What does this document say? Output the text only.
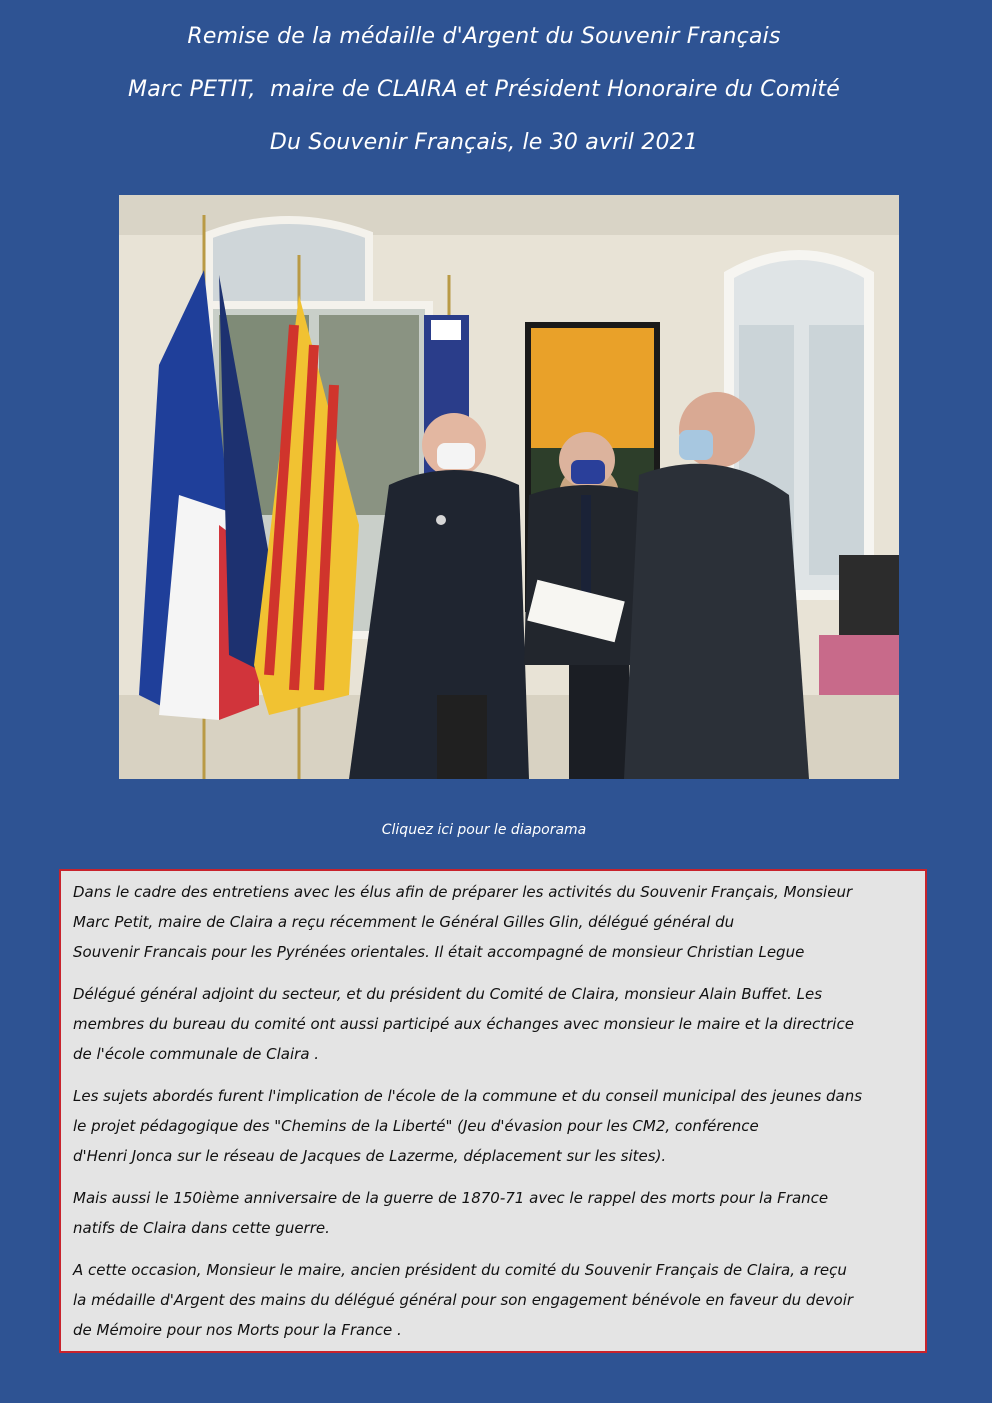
Remise de la médaille d'Argent du Souvenir Français
Marc PETIT,  maire de CLAIRA et Président Honoraire du Comité
Du Souvenir Français, le 30 avril 2021
Cliquez ici pour le diaporama

Dans le cadre des entretiens avec les élus afin de préparer les activités du Souvenir Français, Monsieur
Marc Petit, maire de Claira a reçu récemment le Général Gilles Glin, délégué général du
Souvenir Francais pour les Pyrénées orientales. Il était accompagné de monsieur Christian Legue

Délégué général adjoint du secteur, et du président du Comité de Claira, monsieur Alain Buffet. Les
membres du bureau du comité ont aussi participé aux échanges avec monsieur le maire et la directrice
de l'école communale de Claira .

Les sujets abordés furent l'implication de l'école de la commune et du conseil municipal des jeunes dans
le projet pédagogique des "Chemins de la Liberté" (Jeu d'évasion pour les CM2, conférence
d'Henri Jonca sur le réseau de Jacques de Lazerme, déplacement sur les sites).

Mais aussi le 150ième anniversaire de la guerre de 1870-71 avec le rappel des morts pour la France
natifs de Claira dans cette guerre.

A cette occasion, Monsieur le maire, ancien président du comité du Souvenir Français de Claira, a reçu
la médaille d'Argent des mains du délégué général pour son engagement bénévole en faveur du devoir
de Mémoire pour nos Morts pour la France .
